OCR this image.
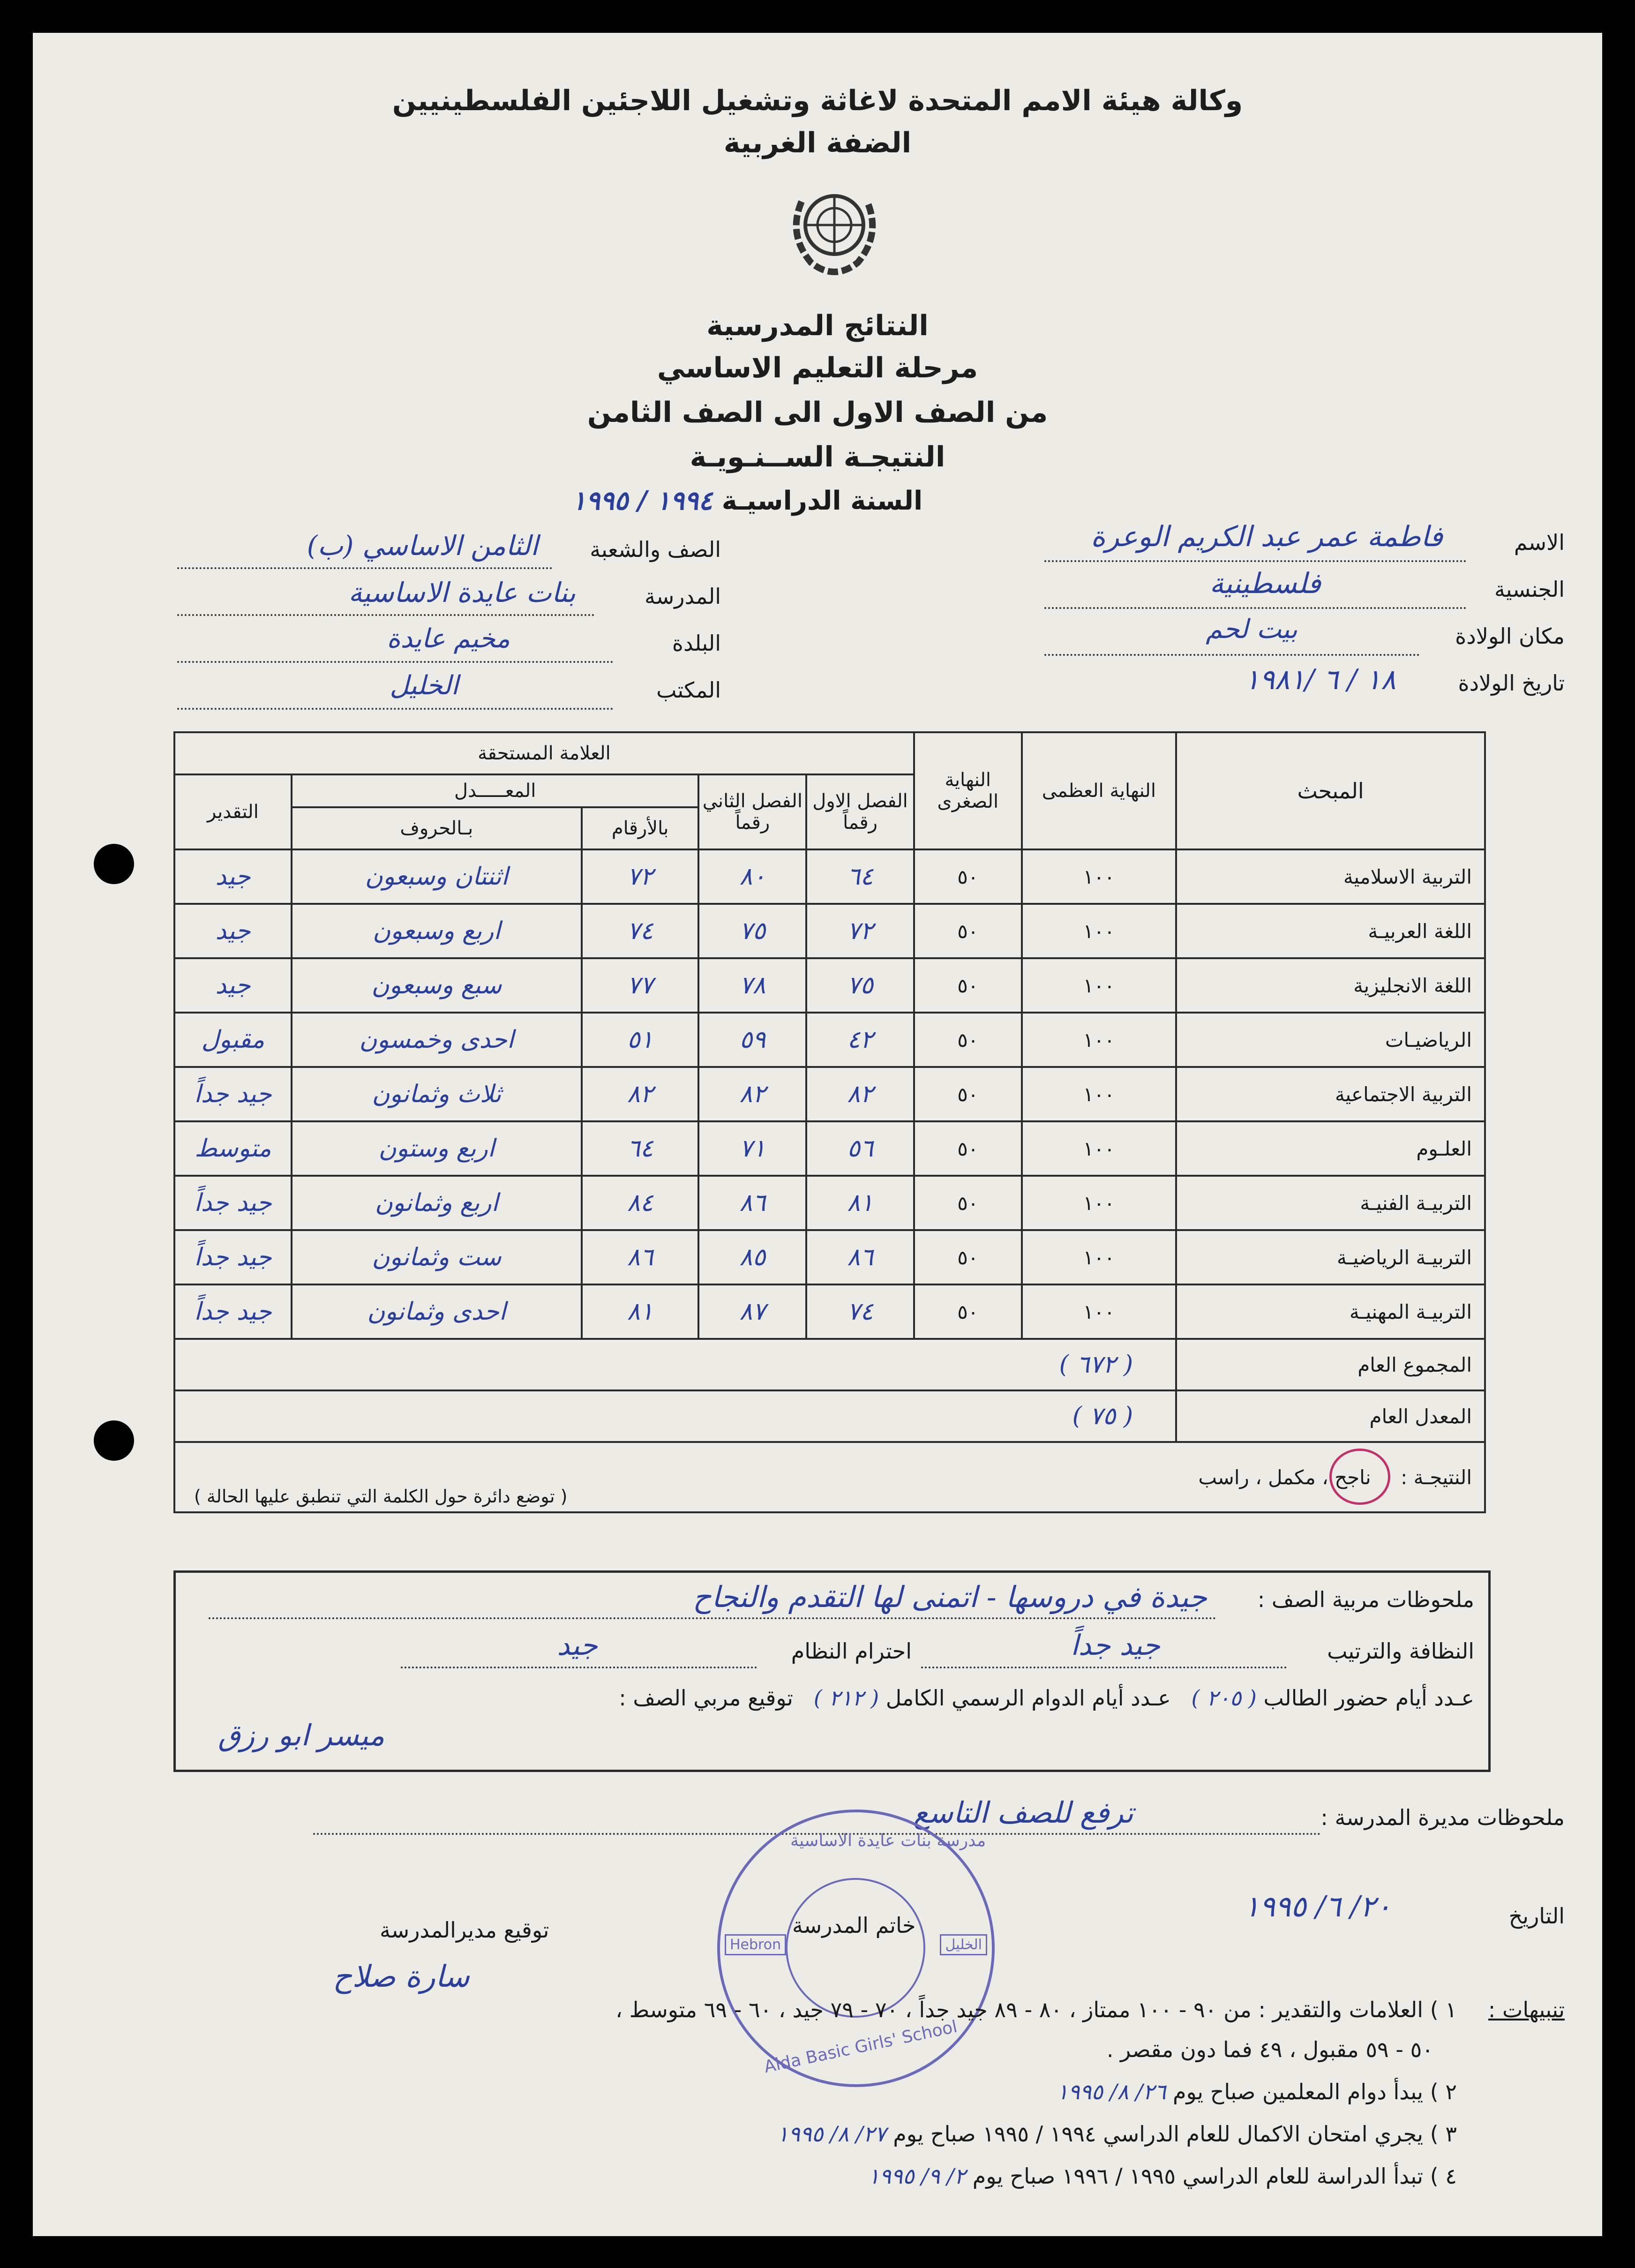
وكالة هيئة الامم المتحدة لاغاثة وتشغيل اللاجئين الفلسطينيين
الضفة الغربية
النتائج المدرسية
مرحلة التعليم الاساسي
من الصف الاول الى الصف الثامن
النتيجـة الســنـويـة
السنة الدراسيـة ١٩٩٤ / ١٩٩٥
الاسم
فاطمة عمر عبد الكريم الوعرة
الجنسية
فلسطينية
مكان الولادة
بيت لحم
تاريخ الولادة
١٨ / ٦ /١٩٨١
الصف والشعبة
الثامن الاساسي (ب)
المدرسة
بنات عايدة الاساسية
البلدة
مخيم عايدة
المكتب
الخليل
المبحث	النهاية العظمى	النهاية الصغرى	العلامة المستحقة				
			الفصل الاول رقماً	الفصل الثاني رقماً	المعـــــدل		التقدير
					بالأرقام	بـالحروف	
التربية الاسلامية	١٠٠	٥٠	٦٤	٨٠	٧٢	اثنتان وسبعون	جيد
اللغة العربيـة	١٠٠	٥٠	٧٢	٧٥	٧٤	اربع وسبعون	جيد
اللغة الانجليزية	١٠٠	٥٠	٧٥	٧٨	٧٧	سبع وسبعون	جيد
الرياضيـات	١٠٠	٥٠	٤٢	٥٩	٥١	احدى وخمسون	مقبول
التربية الاجتماعية	١٠٠	٥٠	٨٢	٨٢	٨٢	ثلاث وثمانون	جيد جداً
العلـوم	١٠٠	٥٠	٥٦	٧١	٦٤	اربع وستون	متوسط
التربيـة الفنيـة	١٠٠	٥٠	٨١	٨٦	٨٤	اربع وثمانون	جيد جداً
التربيـة الرياضيـة	١٠٠	٥٠	٨٦	٨٥	٨٦	ست وثمانون	جيد جداً
التربيـة المهنيـة	١٠٠	٥٠	٧٤	٨٧	٨١	احدى وثمانون	جيد جداً
المجموع العام	( ٦٧٢ )						
المعدل العام	( ٧٥ )						
النتيجـة :    ناجح ، مكمل ، راسب
( توضع دائرة حول الكلمة التي تنطبق عليها الحالة )							
ملحوظات مربية الصف :
جيدة في دروسها - اتمنى لها التقدم والنجاح
النظافة والترتيب
جيد جداً
احترام النظام
جيد
عـدد أيام حضور الطالب ( ٢٠٥ )   عـدد أيام الدوام الرسمي الكامل ( ٢١٢ )   توقيع مربي الصف :
ميسر ابو رزق
ملحوظات مديرة المدرسة :
ترفع للصف التاسع
التاريخ
٢٠/ ٦/ ١٩٩٥
خاتم المدرسة
توقيع مديرالمدرسة
سارة صلاح
مدرسة بنات عايدة الاساسية
Hebron	الخليل
Aida Basic Girls' School
تنبيهات :
١ ) العلامات والتقدير : من ٩٠ - ١٠٠ ممتاز ، ٨٠ - ٨٩ جيد جداً ، ٧٠ - ٧٩ جيد ، ٦٠ - ٦٩ متوسط ،
٥٠ - ٥٩ مقبول ، ٤٩ فما دون مقصر .
٢ ) يبدأ دوام المعلمين صباح يوم ٢٦/ ٨/ ١٩٩٥
٣ ) يجري امتحان الاكمال للعام الدراسي ١٩٩٤ / ١٩٩٥ صباح يوم ٢٧/ ٨/ ١٩٩٥
٤ ) تبدأ الدراسة للعام الدراسي ١٩٩٥ / ١٩٩٦ صباح يوم ٢/ ٩/ ١٩٩٥
